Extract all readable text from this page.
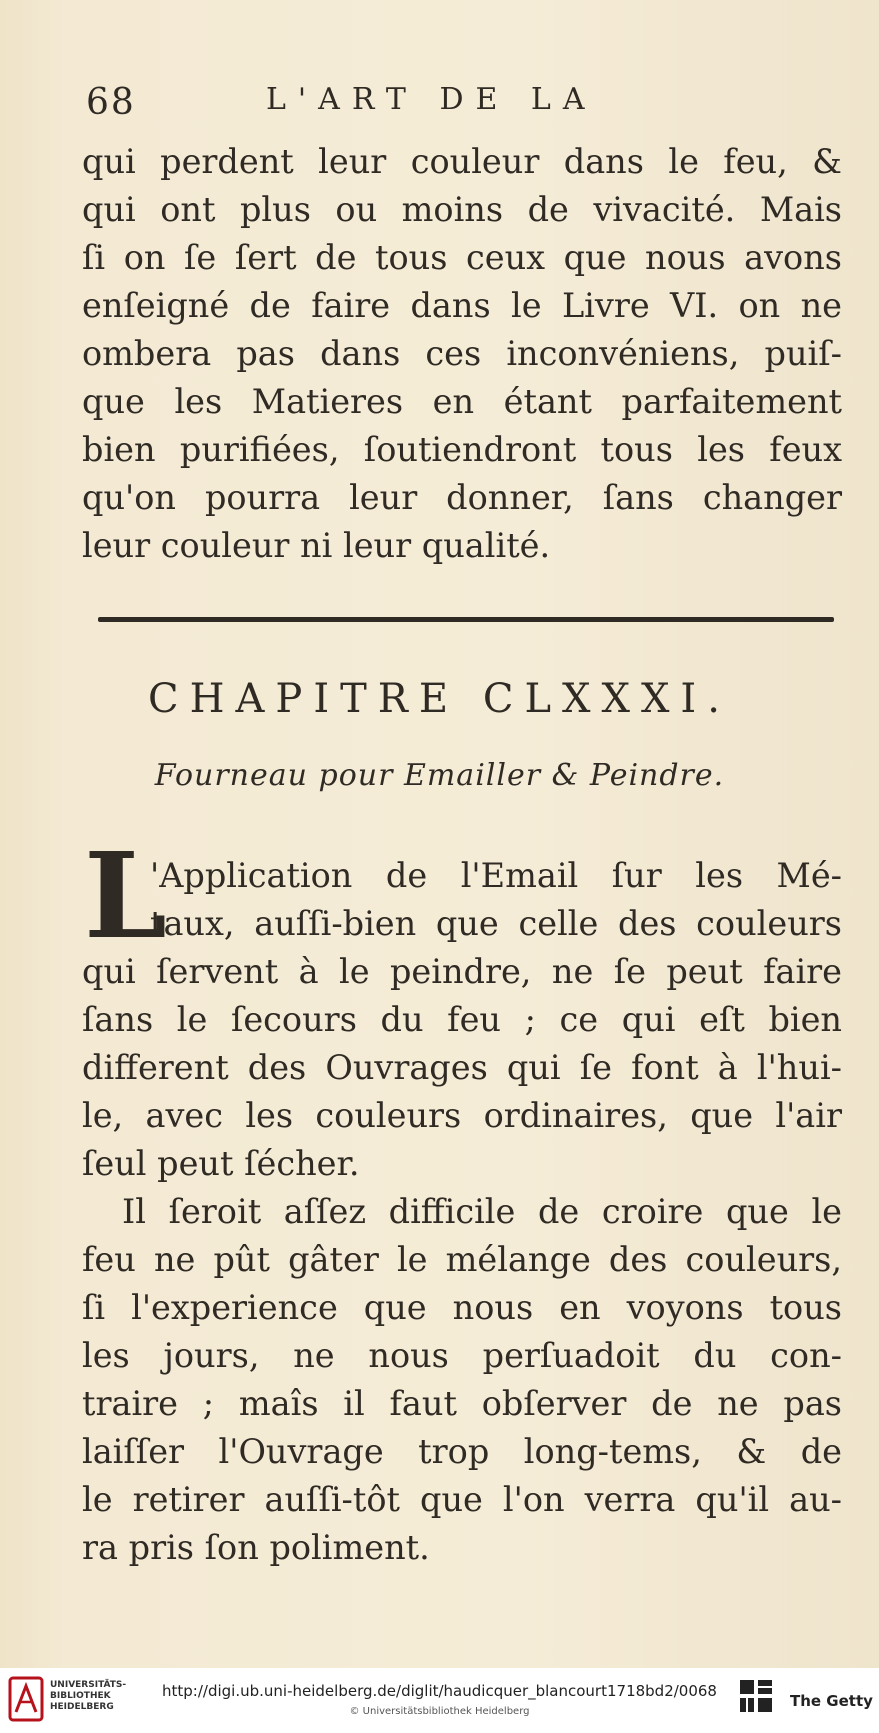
68	L'ART DE LA
qui perdent leur couleur dans le feu, &
qui ont plus ou moins de vivacité. Mais
ſi on ſe ſert de tous ceux que nous avons
enſeigné de faire dans le Livre VI. on ne
ombera pas dans ces inconvéniens, puiſ-
que les Matieres en étant parfaitement
bien purifiées, ſoutiendront tous les feux
qu'on pourra leur donner, ſans changer
leur couleur ni leur qualité.
CHAPITRE CLXXXI.
Fourneau pour Emailler & Peindre.
L
'Application de l'Email ſur les Mé-
taux, auſſi-bien que celle des couleurs
qui ſervent à le peindre, ne ſe peut faire
ſans le ſecours du feu ; ce qui eſt bien
different des Ouvrages qui ſe font à l'hui-
le, avec les couleurs ordinaires, que l'air
ſeul peut ſécher.
Il ſeroit aſſez difficile de croire que le
feu ne pût gâter le mélange des couleurs,
ſi l'experience que nous en voyons tous
les jours, ne nous perſuadoit du con-
traire ; maîs il faut obſerver de ne pas
laiſſer l'Ouvrage trop long-tems, & de
le retirer auſſi-tôt que l'on verra qu'il au-
ra pris ſon poliment.
UNIVERSITÄTS-
BIBLIOTHEK
HEIDELBERG
http://digi.ub.uni-heidelberg.de/diglit/haudicquer_blancourt1718bd2/0068
© Universitätsbibliothek Heidelberg
The Getty
